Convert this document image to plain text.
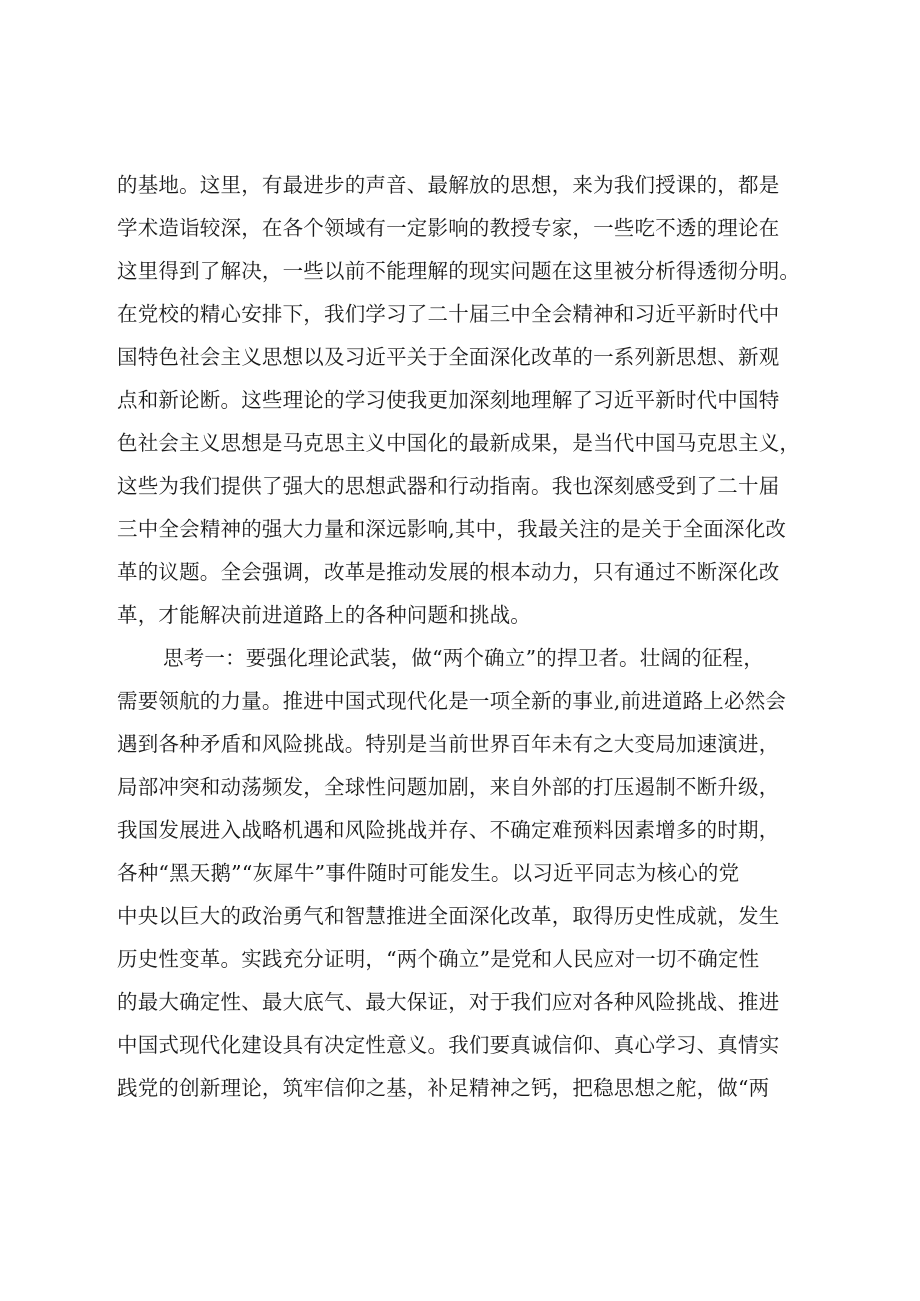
的基地。这里，有最进步的声音、最解放的思想，来为我们授课的，都是
学术造诣较深，在各个领域有一定影响的教授专家，一些吃不透的理论在
这里得到了解决，一些以前不能理解的现实问题在这里被分析得透彻分明。
在党校的精心安排下，我们学习了二十届三中全会精神和习近平新时代中
国特色社会主义思想以及习近平关于全面深化改革的一系列新思想、新观
点和新论断。这些理论的学习使我更加深刻地理解了习近平新时代中国特
色社会主义思想是马克思主义中国化的最新成果，是当代中国马克思主义，
这些为我们提供了强大的思想武器和行动指南。我也深刻感受到了二十届
三中全会精神的强大力量和深远影响,其中，我最关注的是关于全面深化改
革的议题。全会强调，改革是推动发展的根本动力，只有通过不断深化改
革，才能解决前进道路上的各种问题和挑战。
思考一：要强化理论武装，做“两个确立”的捍卫者。壮阔的征程，
需要领航的力量。推进中国式现代化是一项全新的事业,前进道路上必然会
遇到各种矛盾和风险挑战。特别是当前世界百年未有之大变局加速演进，
局部冲突和动荡频发，全球性问题加剧，来自外部的打压遏制不断升级，
我国发展进入战略机遇和风险挑战并存、不确定难预料因素增多的时期，
各种“黑天鹅”“灰犀牛”事件随时可能发生。以习近平同志为核心的党
中央以巨大的政治勇气和智慧推进全面深化改革，取得历史性成就，发生
历史性变革。实践充分证明，“两个确立”是党和人民应对一切不确定性
的最大确定性、最大底气、最大保证，对于我们应对各种风险挑战、推进
中国式现代化建设具有决定性意义。我们要真诚信仰、真心学习、真情实
践党的创新理论，筑牢信仰之基，补足精神之钙，把稳思想之舵，做“两
